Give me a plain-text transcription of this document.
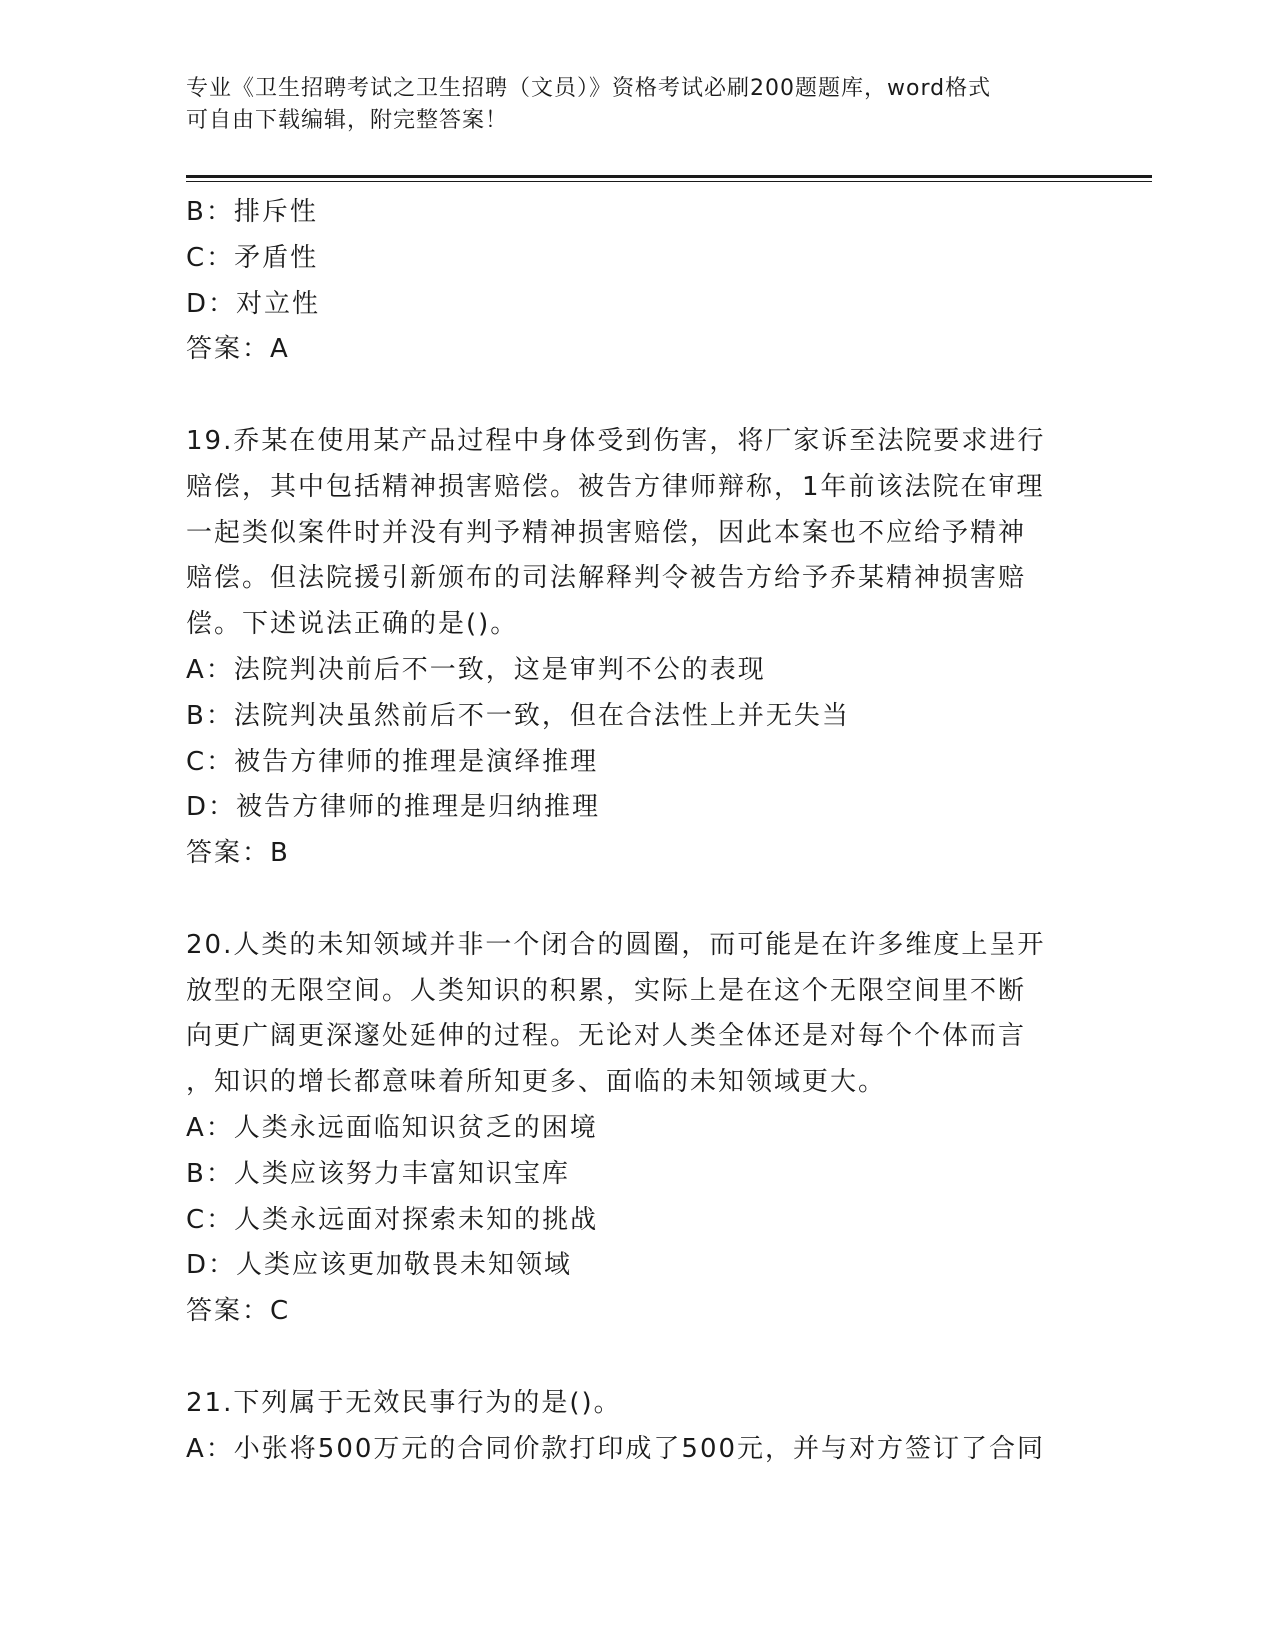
专业《卫生招聘考试之卫生招聘（文员）》资格考试必刷200题题库，word格式
可自由下载编辑，附完整答案！
B：排斥性
C：矛盾性
D：对立性
答案：A
19.乔某在使用某产品过程中身体受到伤害，将厂家诉至法院要求进行
赔偿，其中包括精神损害赔偿。被告方律师辩称，1年前该法院在审理
一起类似案件时并没有判予精神损害赔偿，因此本案也不应给予精神
赔偿。但法院援引新颁布的司法解释判令被告方给予乔某精神损害赔
偿。下述说法正确的是()。
A：法院判决前后不一致，这是审判不公的表现
B：法院判决虽然前后不一致，但在合法性上并无失当
C：被告方律师的推理是演绎推理
D：被告方律师的推理是归纳推理
答案：B
20.人类的未知领域并非一个闭合的圆圈，而可能是在许多维度上呈开
放型的无限空间。人类知识的积累，实际上是在这个无限空间里不断
向更广阔更深邃处延伸的过程。无论对人类全体还是对每个个体而言
，知识的增长都意味着所知更多、面临的未知领域更大。
A：人类永远面临知识贫乏的困境
B：人类应该努力丰富知识宝库
C：人类永远面对探索未知的挑战
D：人类应该更加敬畏未知领域
答案：C
21.下列属于无效民事行为的是()。
A：小张将500万元的合同价款打印成了500元，并与对方签订了合同
